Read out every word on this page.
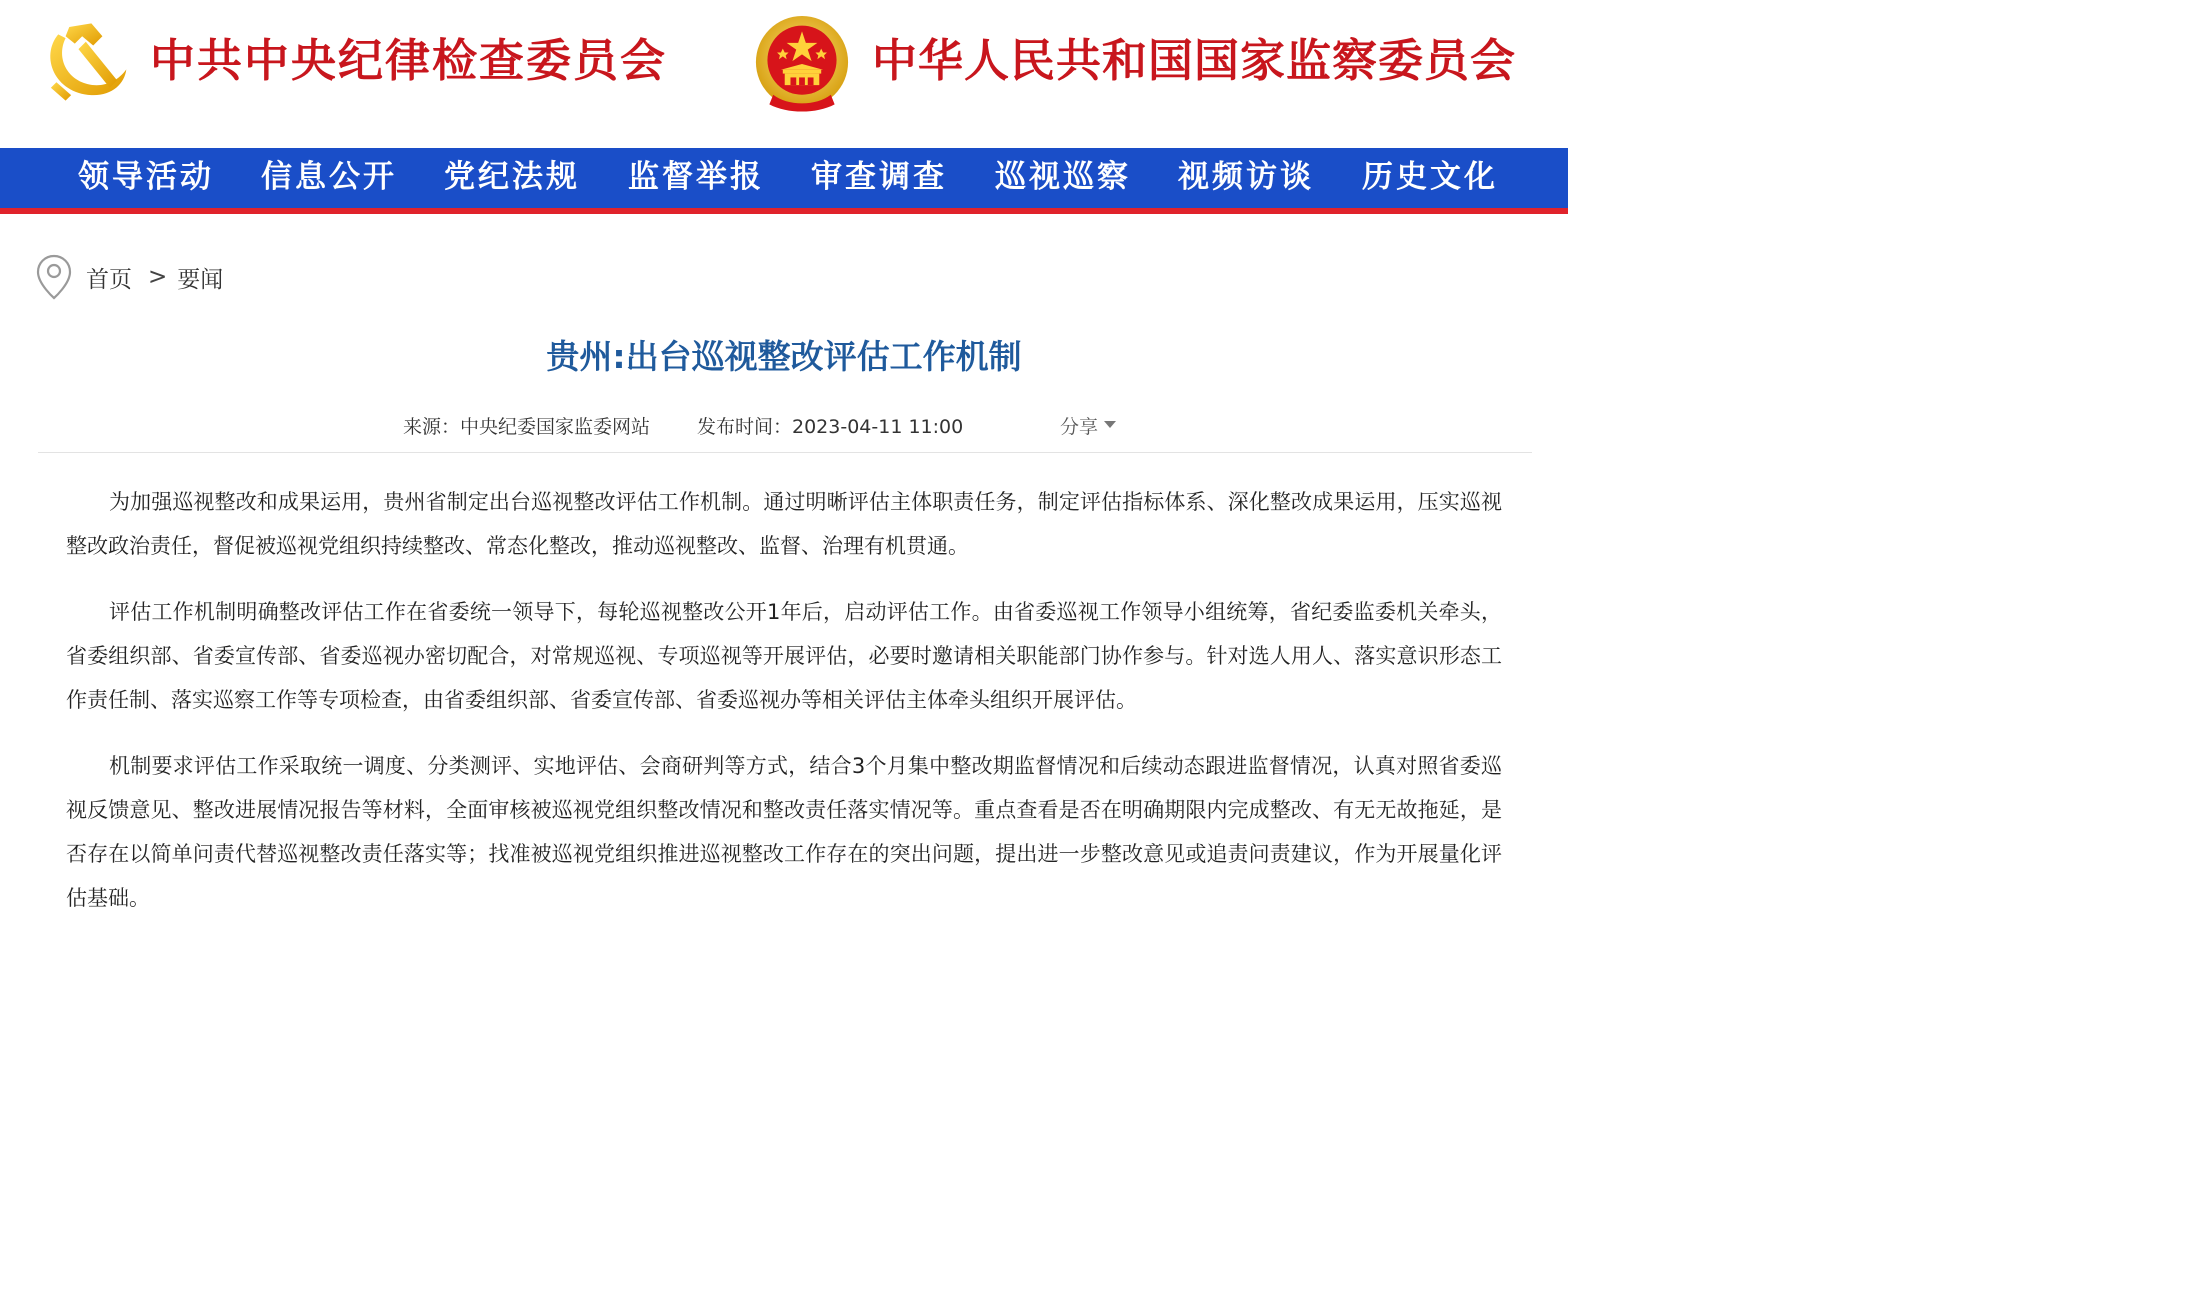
中共中央纪律检查委员会	中华人民共和国国家监察委员会
领导活动 信息公开 党纪法规 监督举报 审查调查 巡视巡察 视频访谈 历史文化
首页 > 要闻
贵州:出台巡视整改评估工作机制
来源：中央纪委国家监委网站 发布时间：2023-04-11 11:00	分享

为加强巡视整改和成果运用，贵州省制定出台巡视整改评估工作机制。通过明晰评估主体职责任务，制定评估指标体系、深化整改成果运用，压实巡视整改政治责任，督促被巡视党组织持续整改、常态化整改，推动巡视整改、监督、治理有机贯通。

评估工作机制明确整改评估工作在省委统一领导下，每轮巡视整改公开1年后，启动评估工作。由省委巡视工作领导小组统筹，省纪委监委机关牵头，省委组织部、省委宣传部、省委巡视办密切配合，对常规巡视、专项巡视等开展评估，必要时邀请相关职能部门协作参与。针对选人用人、落实意识形态工作责任制、落实巡察工作等专项检查，由省委组织部、省委宣传部、省委巡视办等相关评估主体牵头组织开展评估。

机制要求评估工作采取统一调度、分类测评、实地评估、会商研判等方式，结合3个月集中整改期监督情况和后续动态跟进监督情况，认真对照省委巡视反馈意见、整改进展情况报告等材料，全面审核被巡视党组织整改情况和整改责任落实情况等。重点查看是否在明确期限内完成整改、有无无故拖延，是否存在以简单问责代替巡视整改责任落实等；找准被巡视党组织推进巡视整改工作存在的突出问题，提出进一步整改意见或追责问责建议，作为开展量化评估基础。
